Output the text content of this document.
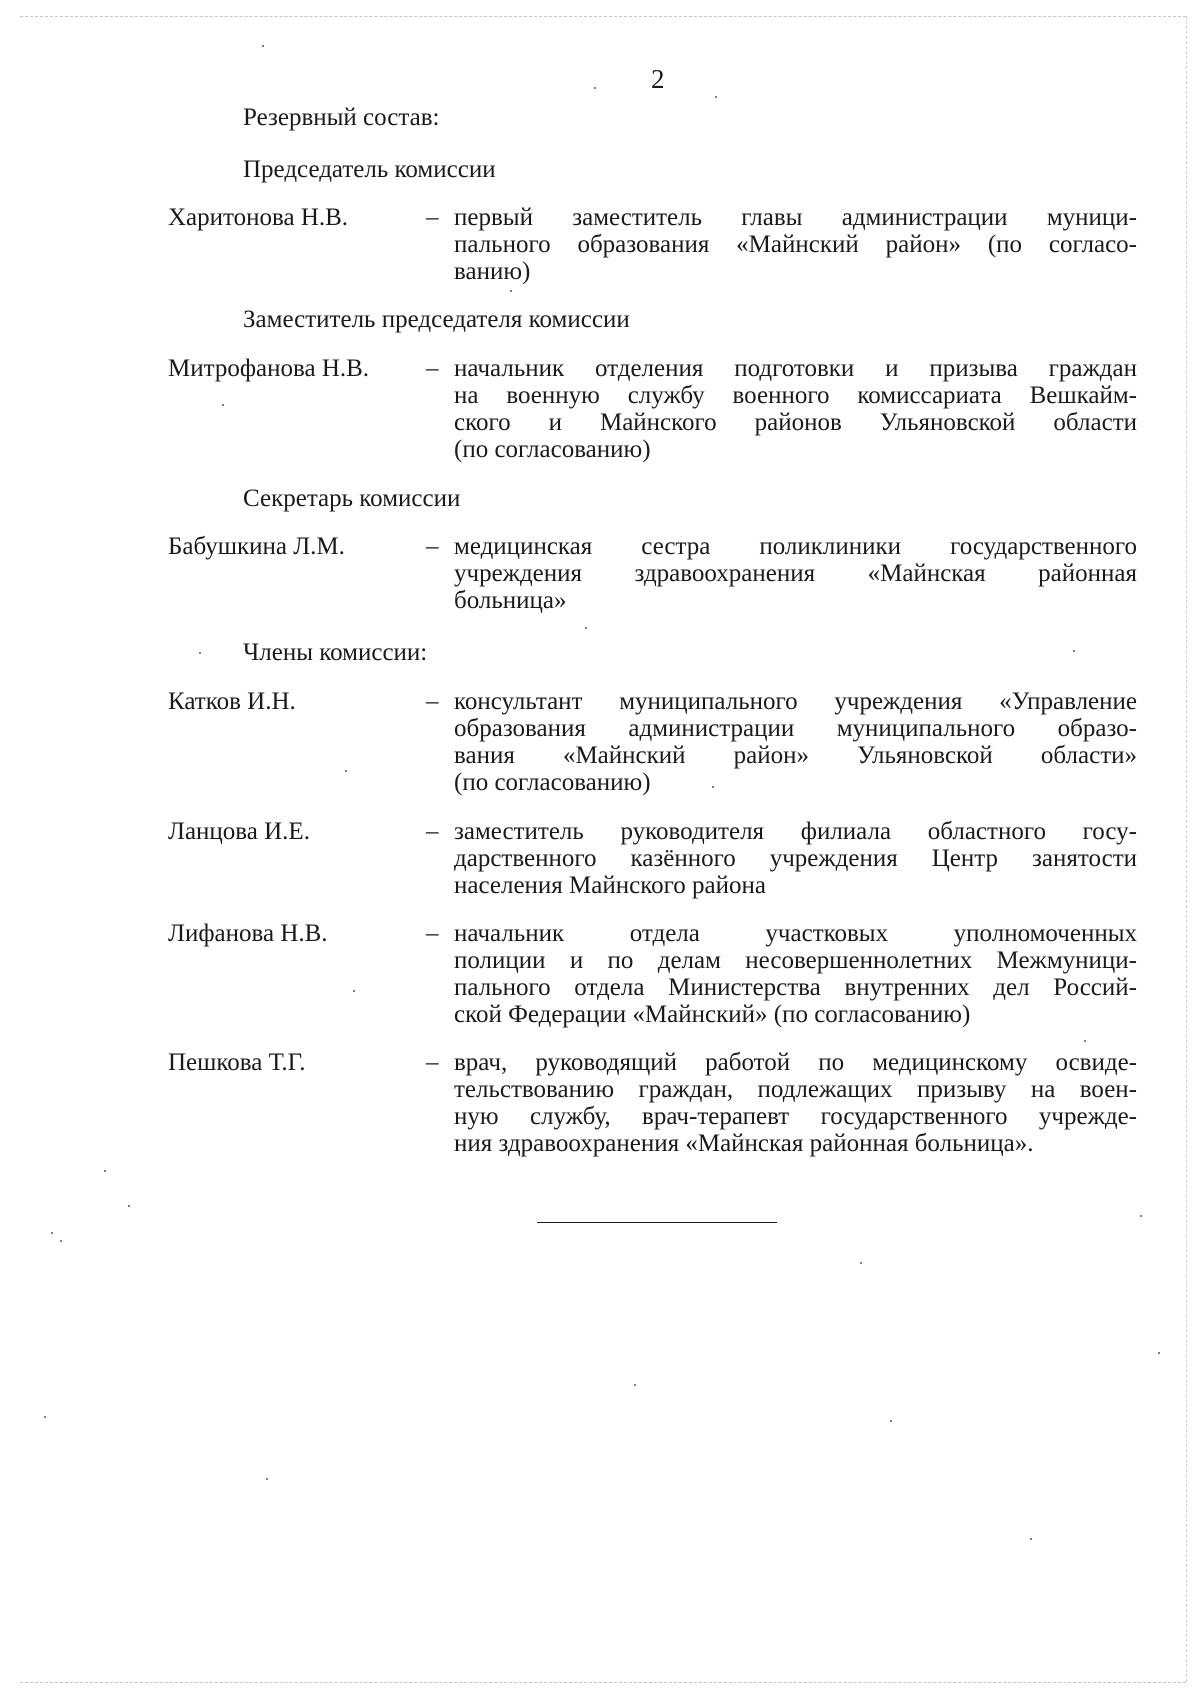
2
Резервный состав:
Председатель комиссии
Харитонова Н.В.	– первый заместитель главы администрации муници-
пального образования «Майнский район» (по согласо-
ванию)
Заместитель председателя комиссии
Митрофанова Н.В. – начальник отделения подготовки и призыва граждан
на военную службу военного комиссариата Вешкайм-
ского и Майнского районов Ульяновской области
(по согласованию)
Секретарь комиссии
Бабушкина Л.М.	– медицинская сестра поликлиники государственного
учреждения здравоохранения «Майнская районная
больница»
Члены комиссии:
Катков И.Н.	– консультант муниципального учреждения «Управление
образования администрации муниципального образо-
вания «Майнский район» Ульяновской области»
(по согласованию)
Ланцова И.Е.	– заместитель руководителя филиала областного госу-
дарственного казённого учреждения Центр занятости
населения Майнского района
Лифанова Н.В.	– начальник отдела участковых уполномоченных
полиции и по делам несовершеннолетних Межмуници-
пального отдела Министерства внутренних дел Россий-
ской Федерации «Майнский» (по согласованию)
Пешкова Т.Г.	– врач, руководящий работой по медицинскому освиде-
тельствованию граждан, подлежащих призыву на воен-
ную службу, врач-терапевт государственного учрежде-
ния здравоохранения «Майнская районная больница».
